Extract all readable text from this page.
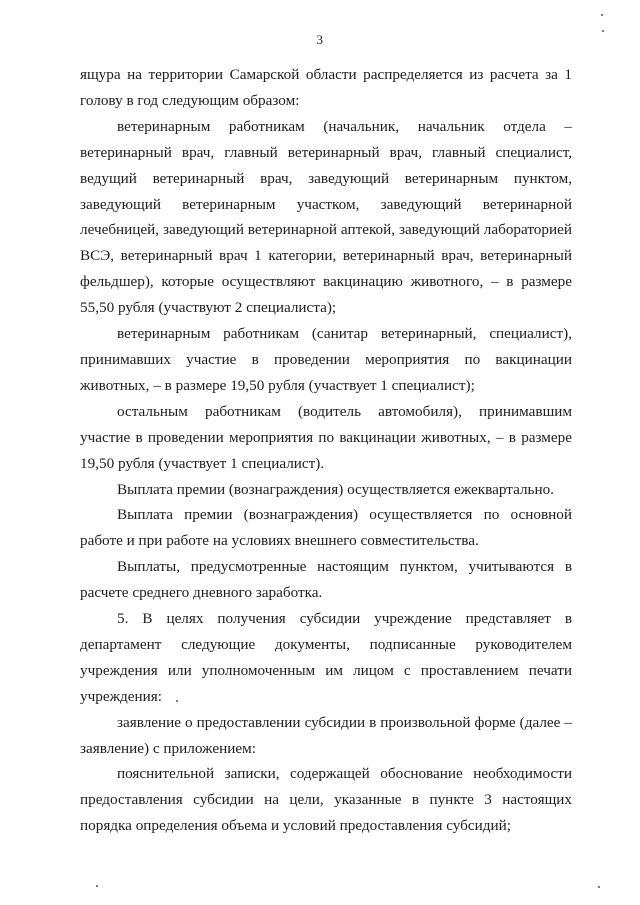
3

ящура на территории Самарской области распределяется из расчета за 1 голову в год следующим образом:

ветеринарным работникам (начальник, начальник отдела – ветеринарный врач, главный ветеринарный врач, главный специалист, ведущий ветеринарный врач, заведующий ветеринарным пунктом, заведующий ветеринарным участком, заведующий ветеринарной лечебницей, заведующий ветеринарной аптекой, заведующий лабораторией ВСЭ, ветеринарный врач 1 категории, ветеринарный врач, ветеринарный фельдшер), которые осуществляют вакцинацию животного, – в размере 55,50 рубля (участвуют 2 специалиста);

ветеринарным работникам (санитар ветеринарный, специалист), принимавших участие в проведении мероприятия по вакцинации животных, – в размере 19,50 рубля (участвует 1 специалист);

остальным работникам (водитель автомобиля), принимавшим участие в проведении мероприятия по вакцинации животных, – в размере 19,50 рубля (участвует 1 специалист).

Выплата премии (вознаграждения) осуществляется ежеквартально.

Выплата премии (вознаграждения) осуществляется по основной работе и при работе на условиях внешнего совместительства.

Выплаты, предусмотренные настоящим пунктом, учитываются в расчете среднего дневного заработка.

5. В целях получения субсидии учреждение представляет в департамент следующие документы, подписанные руководителем учреждения или уполномоченным им лицом с проставлением печати учреждения:

заявление о предоставлении субсидии в произвольной форме (далее – заявление) с приложением:

пояснительной записки, содержащей обоснование необходимости предоставления субсидии на цели, указанные в пункте 3 настоящих порядка определения объема и условий предоставления субсидий;
